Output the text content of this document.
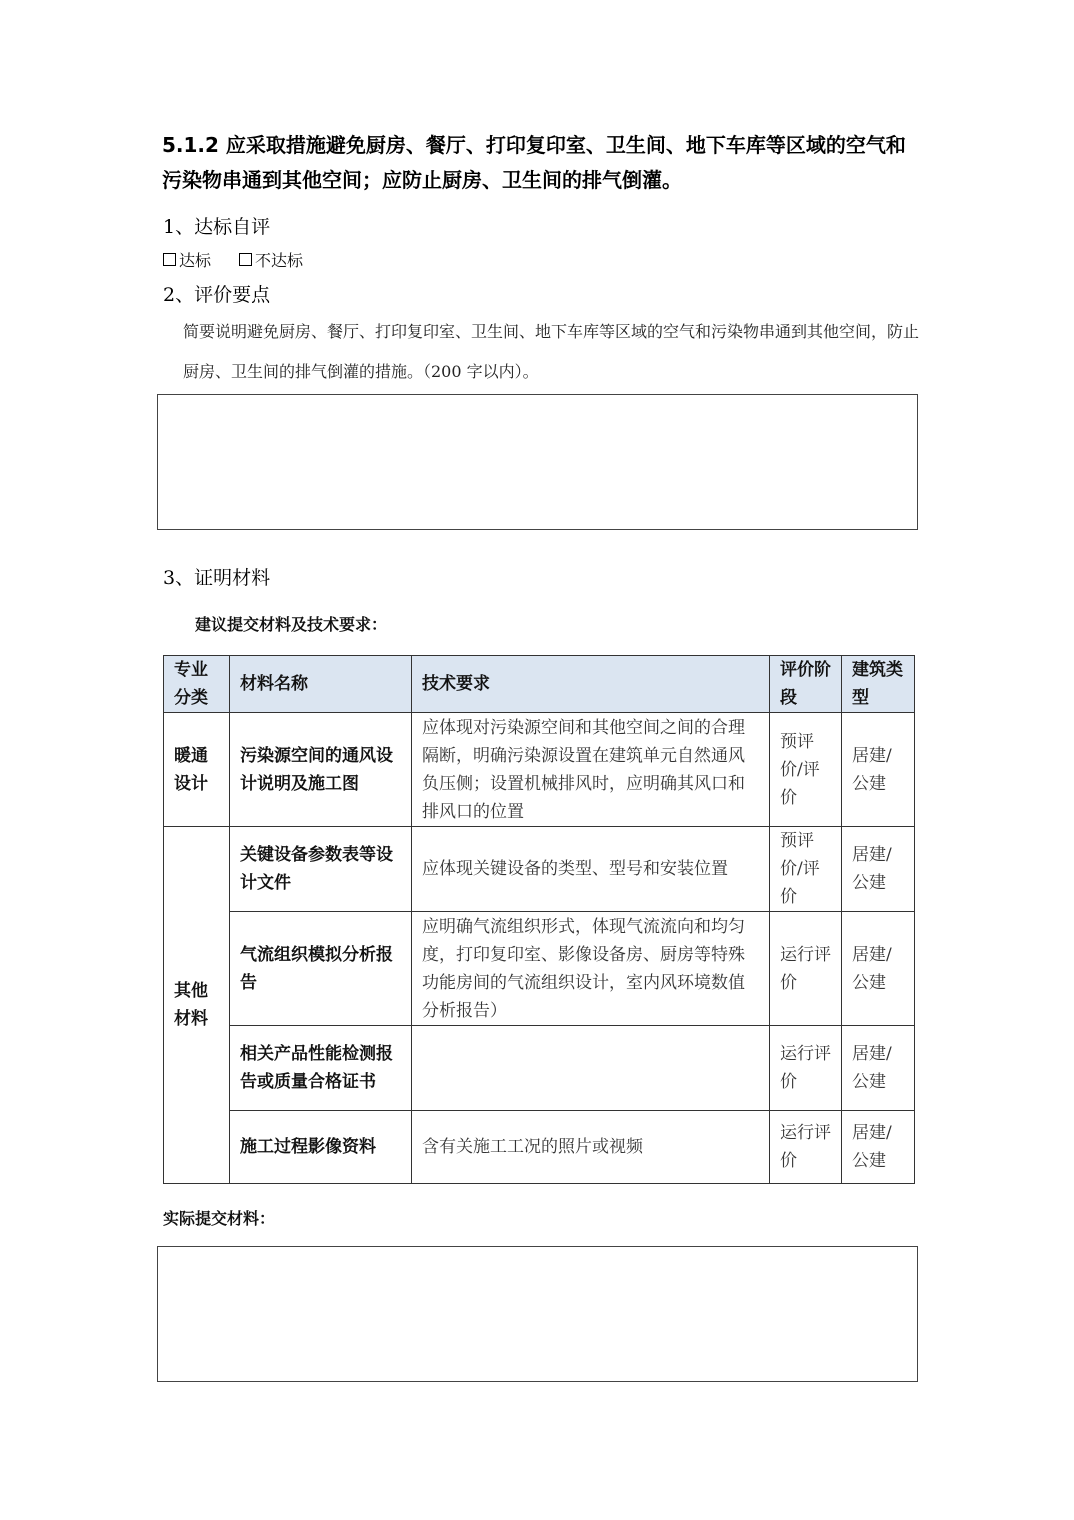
5.1.2 应采取措施避免厨房、餐厅、打印复印室、卫生间、地下车库等区域的空气和污染物串通到其他空间；应防止厨房、卫生间的排气倒灌。
1、达标自评
达标	不达标
2、评价要点
简要说明避免厨房、餐厅、打印复印室、卫生间、地下车库等区域的空气和污染物串通到其他空间，防止厨房、卫生间的排气倒灌的措施。（200 字以内）。
3、证明材料
建议提交材料及技术要求：
专业分类	材料名称	技术要求	评价阶段	建筑类型
暖通设计	污染源空间的通风设计说明及施工图	应体现对污染源空间和其他空间之间的合理隔断，明确污染源设置在建筑单元自然通风负压侧；设置机械排风时，应明确其风口和排风口的位置	预评价/评价	居建/公建
其他材料	关键设备参数表等设计文件	应体现关键设备的类型、型号和安装位置	预评价/评价	居建/公建
	气流组织模拟分析报告	应明确气流组织形式，体现气流流向和均匀度，打印复印室、影像设备房、厨房等特殊功能房间的气流组织设计，室内风环境数值分析报告）	运行评价	居建/公建
	相关产品性能检测报告或质量合格证书		运行评价	居建/公建
	施工过程影像资料	含有关施工工况的照片或视频	运行评价	居建/公建
实际提交材料：
